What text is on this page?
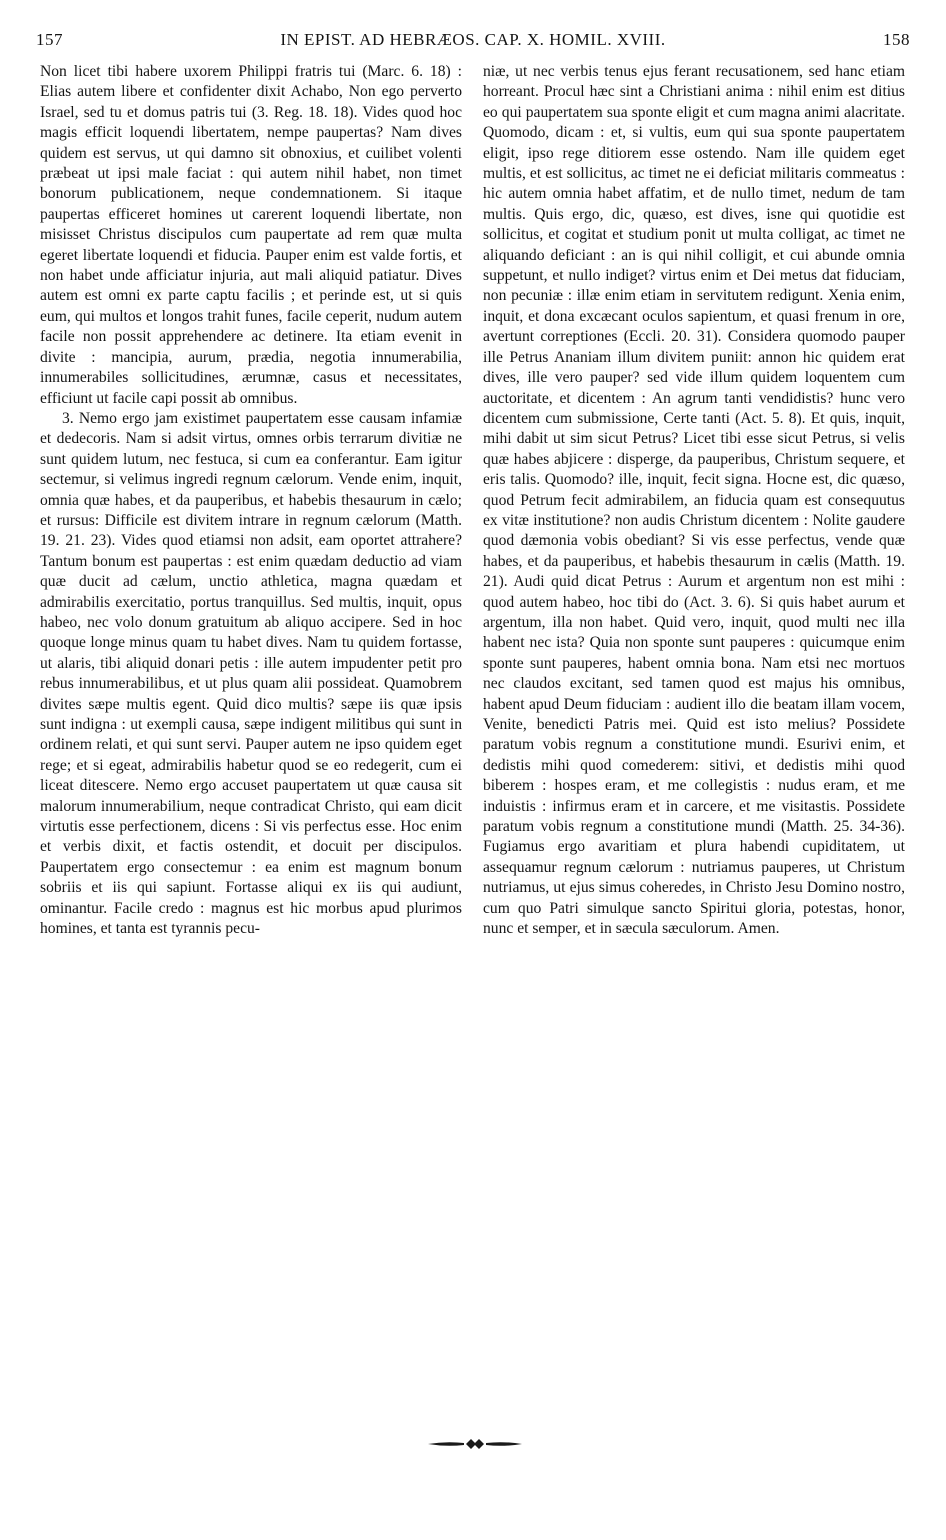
157	IN EPIST. AD HEBRÆOS. CAP. X. HOMIL. XVIII.	158

Non licet tibi habere uxorem Philippi fratris tui (Marc. 6. 18) : Elias autem libere et confidenter dixit Achabo, Non ego perverto Israel, sed tu et domus patris tui (3. Reg. 18. 18). Vides quod hoc magis efficit loquendi libertatem, nempe paupertas? Nam dives quidem est servus, ut qui damno sit obnoxius, et cuilibet volenti præbeat ut ipsi male faciat : qui autem nihil habet, non timet bonorum publicationem, neque condemnationem. Si itaque paupertas efficeret homines ut carerent loquendi libertate, non misisset Christus discipulos cum paupertate ad rem quæ multa egeret libertate loquendi et fiducia. Pauper enim est valde fortis, et non habet unde afficiatur injuria, aut mali aliquid patiatur. Dives autem est omni ex parte captu facilis ; et perinde est, ut si quis eum, qui multos et longos trahit funes, facile ceperit, nudum autem facile non possit apprehendere ac detinere. Ita etiam evenit in divite : mancipia, aurum, prædia, negotia innumerabilia, innumerabiles sollicitudines, ærumnæ, casus et necessitates, efficiunt ut facile capi possit ab omnibus.

3. Nemo ergo jam existimet paupertatem esse causam infamiæ et dedecoris. Nam si adsit virtus, omnes orbis terrarum divitiæ ne sunt quidem lutum, nec festuca, si cum ea conferantur. Eam igitur sectemur, si velimus ingredi regnum cælorum. Vende enim, inquit, omnia quæ habes, et da pauperibus, et habebis thesaurum in cælo; et rursus: Difficile est divitem intrare in regnum cælorum (Matth. 19. 21. 23). Vides quod etiamsi non adsit, eam oportet attrahere? Tantum bonum est paupertas : est enim quædam deductio ad viam quæ ducit ad cælum, unctio athletica, magna quædam et admirabilis exercitatio, portus tranquillus. Sed multis, inquit, opus habeo, nec volo donum gratuitum ab aliquo accipere. Sed in hoc quoque longe minus quam tu habet dives. Nam tu quidem fortasse, ut alaris, tibi aliquid donari petis : ille autem impudenter petit pro rebus innumerabilibus, et ut plus quam alii possideat. Quamobrem divites sæpe multis egent. Quid dico multis? sæpe iis quæ ipsis sunt indigna : ut exempli causa, sæpe indigent militibus qui sunt in ordinem relati, et qui sunt servi. Pauper autem ne ipso quidem eget rege; et si egeat, admirabilis habetur quod se eo redegerit, cum ei liceat ditescere. Nemo ergo accuset paupertatem ut quæ causa sit malorum innumerabilium, neque contradicat Christo, qui eam dicit virtutis esse perfectionem, dicens : Si vis perfectus esse. Hoc enim et verbis dixit, et factis ostendit, et docuit per discipulos. Paupertatem ergo consectemur : ea enim est magnum bonum sobriis et iis qui sapiunt. Fortasse aliqui ex iis qui audiunt, ominantur. Facile credo : magnus est hic morbus apud plurimos homines, et tanta est tyrannis pecu-

niæ, ut nec verbis tenus ejus ferant recusationem, sed hanc etiam horreant. Procul hæc sint a Christiani anima : nihil enim est ditius eo qui paupertatem sua sponte eligit et cum magna animi alacritate. Quomodo, dicam : et, si vultis, eum qui sua sponte paupertatem eligit, ipso rege ditiorem esse ostendo. Nam ille quidem eget multis, et est sollicitus, ac timet ne ei deficiat militaris commeatus : hic autem omnia habet affatim, et de nullo timet, nedum de tam multis. Quis ergo, dic, quæso, est dives, isne qui quotidie est sollicitus, et cogitat et studium ponit ut multa colligat, ac timet ne aliquando deficiant : an is qui nihil colligit, et cui abunde omnia suppetunt, et nullo indiget? virtus enim et Dei metus dat fiduciam, non pecuniæ : illæ enim etiam in servitutem redigunt. Xenia enim, inquit, et dona excæcant oculos sapientum, et quasi frenum in ore, avertunt correptiones (Eccli. 20. 31). Considera quomodo pauper ille Petrus Ananiam illum divitem puniit: annon hic quidem erat dives, ille vero pauper? sed vide illum quidem loquentem cum auctoritate, et dicentem : An agrum tanti vendidistis? hunc vero dicentem cum submissione, Certe tanti (Act. 5. 8). Et quis, inquit, mihi dabit ut sim sicut Petrus? Licet tibi esse sicut Petrus, si velis quæ habes abjicere : disperge, da pauperibus, Christum sequere, et eris talis. Quomodo? ille, inquit, fecit signa. Hocne est, dic quæso, quod Petrum fecit admirabilem, an fiducia quam est consequutus ex vitæ institutione? non audis Christum dicentem : Nolite gaudere quod dæmonia vobis obediant? Si vis esse perfectus, vende quæ habes, et da pauperibus, et habebis thesaurum in cælis (Matth. 19. 21). Audi quid dicat Petrus : Aurum et argentum non est mihi : quod autem habeo, hoc tibi do (Act. 3. 6). Si quis habet aurum et argentum, illa non habet. Quid vero, inquit, quod multi nec illa habent nec ista? Quia non sponte sunt pauperes : quicumque enim sponte sunt pauperes, habent omnia bona. Nam etsi nec mortuos nec claudos excitant, sed tamen quod est majus his omnibus, habent apud Deum fiduciam : audient illo die beatam illam vocem, Venite, benedicti Patris mei. Quid est isto melius? Possidete paratum vobis regnum a constitutione mundi. Esurivi enim, et dedistis mihi quod comederem: sitivi, et dedistis mihi quod biberem : hospes eram, et me collegistis : nudus eram, et me induistis : infirmus eram et in carcere, et me visitastis. Possidete paratum vobis regnum a constitutione mundi (Matth. 25. 34-36). Fugiamus ergo avaritiam et plura habendi cupiditatem, ut assequamur regnum cælorum : nutriamus pauperes, ut Christum nutriamus, ut ejus simus coheredes, in Christo Jesu Domino nostro, cum quo Patri simulque sancto Spiritui gloria, potestas, honor, nunc et semper, et in sæcula sæculorum. Amen.
